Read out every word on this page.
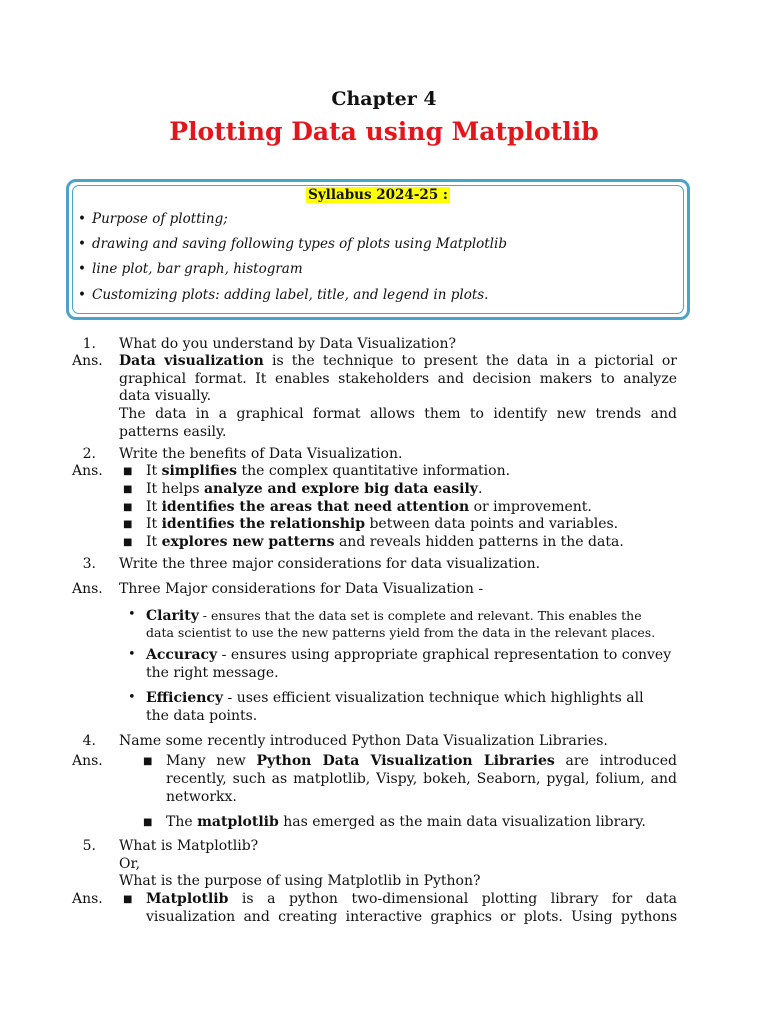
Chapter 4
Plotting Data using Matplotlib
Syllabus 2024-25 :
• Purpose of plotting;
• drawing and saving following types of plots using Matplotlib
• line plot, bar graph, histogram
• Customizing plots: adding label, title, and legend in plots.
1. What do you understand by Data Visualization?
Ans. Data visualization is the technique to present the data in a pictorial or
graphical format. It enables stakeholders and decision makers to analyze
data visually.
The data in a graphical format allows them to identify new trends and
patterns easily.
2. Write the benefits of Data Visualization.
Ans. ■ It simplifies the complex quantitative information.
■ It helps analyze and explore big data easily.
■ It identifies the areas that need attention or improvement.
■ It identifies the relationship between data points and variables.
■ It explores new patterns and reveals hidden patterns in the data.
3. Write the three major considerations for data visualization.
Ans. Three Major considerations for Data Visualization -
• Clarity - ensures that the data set is complete and relevant. This enables the
data scientist to use the new patterns yield from the data in the relevant places.
• Accuracy - ensures using appropriate graphical representation to convey
the right message.
• Efficiency - uses efficient visualization technique which highlights all
the data points.
4. Name some recently introduced Python Data Visualization Libraries.
Ans.	■ Many new Python Data Visualization Libraries are introduced
recently, such as matplotlib, Vispy, bokeh, Seaborn, pygal, folium, and
networkx.
■ The matplotlib has emerged as the main data visualization library.
5. What is Matplotlib?
Or,
What is the purpose of using Matplotlib in Python?
Ans. ■ Matplotlib is a python two-dimensional plotting library for data
visualization and creating interactive graphics or plots. Using pythons
